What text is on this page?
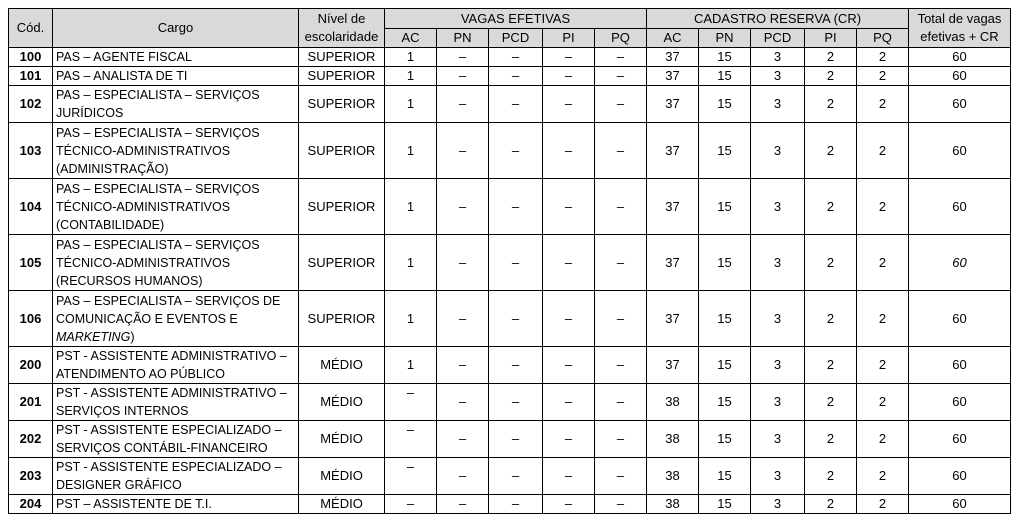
Cód.	Cargo	Nível de escolaridade	VAGAS EFETIVAS					CADASTRO RESERVA (CR)					Total de vagas efetivas + CR
			AC	PN	PCD	PI	PQ	AC	PN	PCD	PI	PQ	
100	PAS – AGENTE FISCAL	SUPERIOR	1	–	–	–	–	37	15	3	2	2	60
101	PAS – ANALISTA DE TI	SUPERIOR	1	–	–	–	–	37	15	3	2	2	60
102	PAS – ESPECIALISTA – SERVIÇOS
JURÍDICOS	SUPERIOR	1	–	–	–	–	37	15	3	2	2	60
103	PAS – ESPECIALISTA – SERVIÇOS
TÉCNICO-ADMINISTRATIVOS
(ADMINISTRAÇÃO)	SUPERIOR	1	–	–	–	–	37	15	3	2	2	60
104	PAS – ESPECIALISTA – SERVIÇOS
TÉCNICO-ADMINISTRATIVOS
(CONTABILIDADE)	SUPERIOR	1	–	–	–	–	37	15	3	2	2	60
105	PAS – ESPECIALISTA – SERVIÇOS
TÉCNICO-ADMINISTRATIVOS
(RECURSOS HUMANOS)	SUPERIOR	1	–	–	–	–	37	15	3	2	2	60
106	PAS – ESPECIALISTA – SERVIÇOS DE
COMUNICAÇÃO E EVENTOS E
MARKETING)	SUPERIOR	1	–	–	–	–	37	15	3	2	2	60
200	PST - ASSISTENTE ADMINISTRATIVO –
ATENDIMENTO AO PÚBLICO	MÉDIO	1	–	–	–	–	37	15	3	2	2	60
201	PST - ASSISTENTE ADMINISTRATIVO –
SERVIÇOS INTERNOS	MÉDIO	–	–	–	–	–	38	15	3	2	2	60
202	PST - ASSISTENTE ESPECIALIZADO –
SERVIÇOS CONTÁBIL-FINANCEIRO	MÉDIO	–	–	–	–	–	38	15	3	2	2	60
203	PST - ASSISTENTE ESPECIALIZADO –
DESIGNER GRÁFICO	MÉDIO	–	–	–	–	–	38	15	3	2	2	60
204	PST – ASSISTENTE DE T.I.	MÉDIO	–	–	–	–	–	38	15	3	2	2	60
